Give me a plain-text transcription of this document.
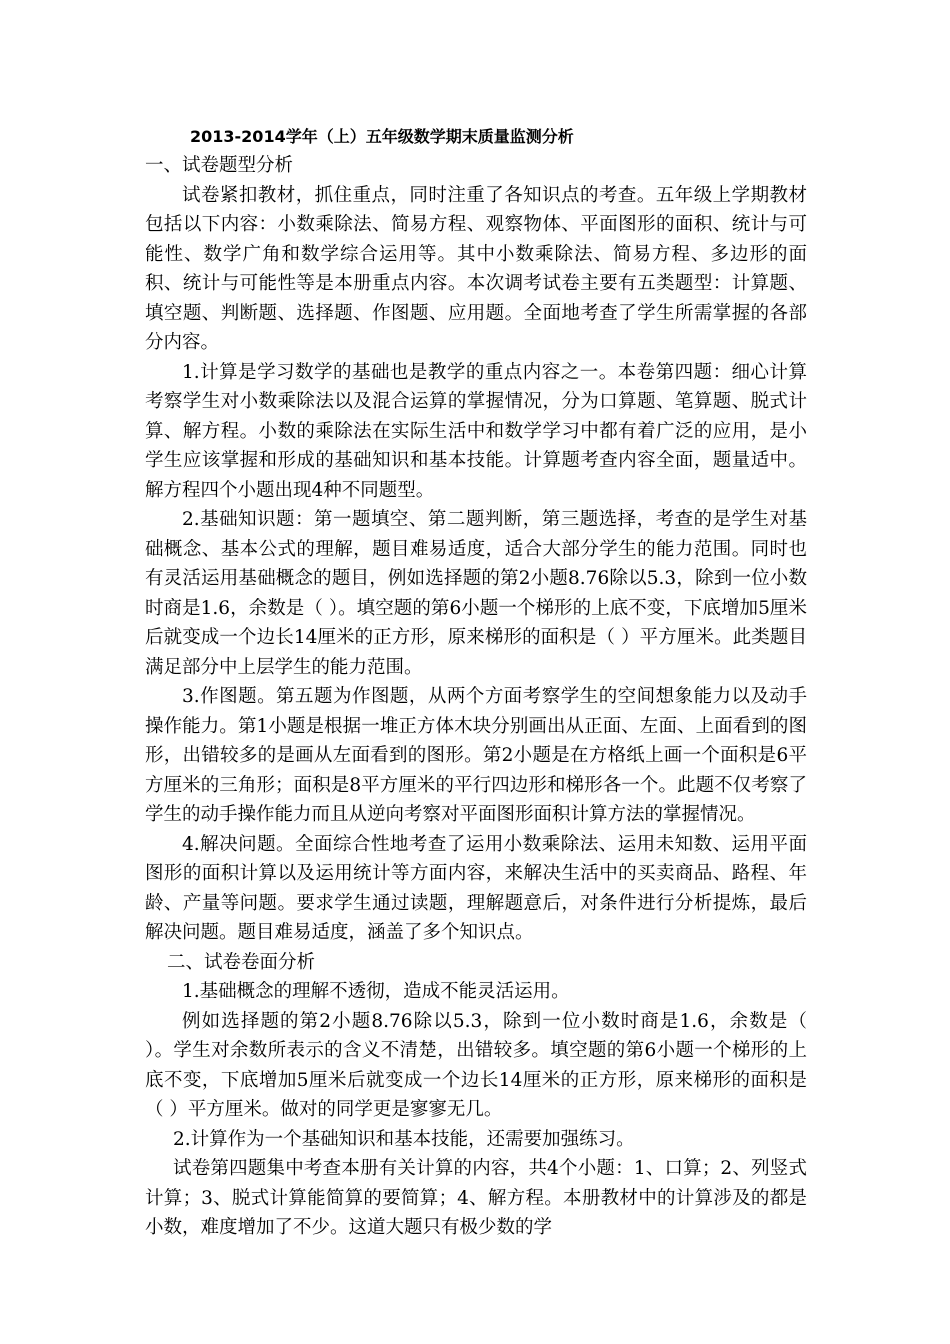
2013-2014学年（上）五年级数学期末质量监测分析

一、试卷题型分析

试卷紧扣教材，抓住重点，同时注重了各知识点的考查。五年级上学期教材包括以下内容：小数乘除法、简易方程、观察物体、平面图形的面积、统计与可能性、数学广角和数学综合运用等。其中小数乘除法、简易方程、多边形的面积、统计与可能性等是本册重点内容。本次调考试卷主要有五类题型：计算题、填空题、判断题、选择题、作图题、应用题。全面地考查了学生所需掌握的各部分内容。

1.计算是学习数学的基础也是教学的重点内容之一。本卷第四题：细心计算考察学生对小数乘除法以及混合运算的掌握情况，分为口算题、笔算题、脱式计算、解方程。小数的乘除法在实际生活中和数学学习中都有着广泛的应用，是小学生应该掌握和形成的基础知识和基本技能。计算题考查内容全面，题量适中。解方程四个小题出现4种不同题型。

2.基础知识题：第一题填空、第二题判断，第三题选择，考查的是学生对基础概念、基本公式的理解，题目难易适度，适合大部分学生的能力范围。同时也有灵活运用基础概念的题目，例如选择题的第2小题8.76除以5.3，除到一位小数时商是1.6，余数是（ ）。填空题的第6小题一个梯形的上底不变，下底增加5厘米后就变成一个边长14厘米的正方形，原来梯形的面积是（ ）平方厘米。此类题目满足部分中上层学生的能力范围。

3.作图题。第五题为作图题，从两个方面考察学生的空间想象能力以及动手操作能力。第1小题是根据一堆正方体木块分别画出从正面、左面、上面看到的图形，出错较多的是画从左面看到的图形。第2小题是在方格纸上画一个面积是6平方厘米的三角形；面积是8平方厘米的平行四边形和梯形各一个。此题不仅考察了学生的动手操作能力而且从逆向考察对平面图形面积计算方法的掌握情况。

4.解决问题。全面综合性地考查了运用小数乘除法、运用未知数、运用平面图形的面积计算以及运用统计等方面内容，来解决生活中的买卖商品、路程、年龄、产量等问题。要求学生通过读题，理解题意后，对条件进行分析提炼，最后解决问题。题目难易适度，涵盖了多个知识点。

二、试卷卷面分析

1.基础概念的理解不透彻，造成不能灵活运用。

例如选择题的第2小题8.76除以5.3，除到一位小数时商是1.6，余数是（ ）。学生对余数所表示的含义不清楚，出错较多。填空题的第6小题一个梯形的上底不变，下底增加5厘米后就变成一个边长14厘米的正方形，原来梯形的面积是（ ）平方厘米。做对的同学更是寥寥无几。

2.计算作为一个基础知识和基本技能，还需要加强练习。

试卷第四题集中考查本册有关计算的内容，共4个小题：1、口算；2、列竖式计算；3、脱式计算能简算的要简算；4、解方程。本册教材中的计算涉及的都是小数，难度增加了不少。这道大题只有极少数的学
